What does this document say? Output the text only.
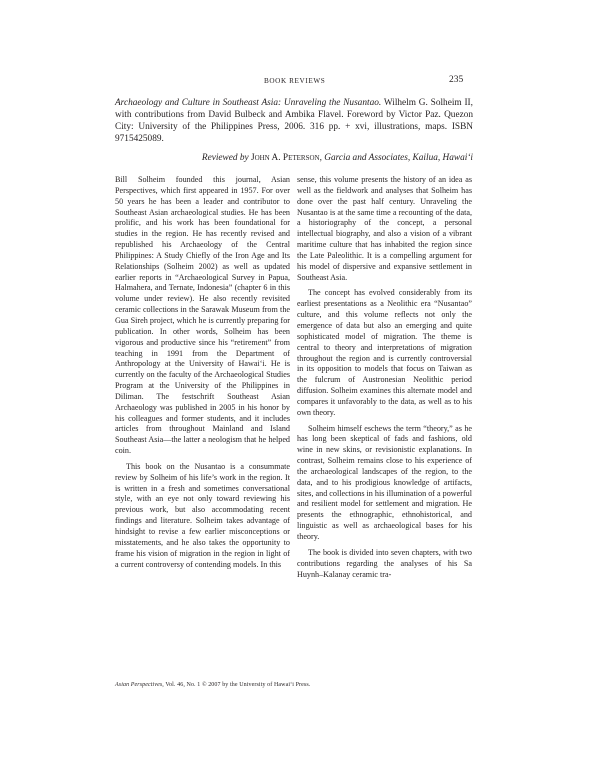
BOOK REVIEWS	235
Archaeology and Culture in Southeast Asia: Unraveling the Nusantao. Wilhelm G. Solheim II, with contributions from David Bulbeck and Ambika Flavel. Foreword by Victor Paz. Quezon City: University of the Philippines Press, 2006. 316 pp. + xvi, illustrations, maps. ISBN 9715425089.
Reviewed by John A. Peterson, Garcia and Associates, Kailua, Hawai‘i

Bill Solheim founded this journal, Asian Perspectives, which first appeared in 1957. For over 50 years he has been a leader and contributor to Southeast Asian archaeological studies. He has been prolific, and his work has been foundational for studies in the region. He has recently revised and republished his Archaeology of the Central Philippines: A Study Chiefly of the Iron Age and Its Relationships (Solheim 2002) as well as updated earlier reports in “Archaeological Survey in Papua, Halmahera, and Ternate, Indonesia” (chapter 6 in this volume under review). He also recently revisited ceramic collections in the Sarawak Museum from the Gua Sireh project, which he is currently preparing for publication. In other words, Solheim has been vigorous and productive since his “retirement” from teaching in 1991 from the Department of Anthropology at the University of Hawai‘i. He is currently on the faculty of the Archaeological Studies Program at the University of the Philippines in Diliman. The festschrift Southeast Asian Archaeology was published in 2005 in his honor by his colleagues and former students, and it includes articles from throughout Mainland and Island Southeast Asia—the latter a neologism that he helped coin.

This book on the Nusantao is a consummate review by Solheim of his life’s work in the region. It is written in a fresh and sometimes conversational style, with an eye not only toward reviewing his previous work, but also accommodating recent findings and literature. Solheim takes advantage of hindsight to revise a few earlier misconceptions or misstatements, and he also takes the opportunity to frame his vision of migration in the region in light of a current controversy of contending models. In this

sense, this volume presents the history of an idea as well as the fieldwork and analyses that Solheim has done over the past half century. Unraveling the Nusantao is at the same time a recounting of the data, a historiography of the concept, a personal intellectual biography, and also a vision of a vibrant maritime culture that has inhabited the region since the Late Paleolithic. It is a compelling argument for his model of dispersive and expansive settlement in Southeast Asia.

The concept has evolved considerably from its earliest presentations as a Neolithic era “Nusantao” culture, and this volume reflects not only the emergence of data but also an emerging and quite sophisticated model of migration. The theme is central to theory and interpretations of migration throughout the region and is currently controversial in its opposition to models that focus on Taiwan as the fulcrum of Austronesian Neolithic period diffusion. Solheim examines this alternate model and compares it unfavorably to the data, as well as to his own theory.

Solheim himself eschews the term “theory,” as he has long been skeptical of fads and fashions, old wine in new skins, or revisionistic explanations. In contrast, Solheim remains close to his experience of the archaeological landscapes of the region, to the data, and to his prodigious knowledge of artifacts, sites, and collections in his illumination of a powerful and resilient model for settlement and migration. He presents the ethnographic, ethnohistorical, and linguistic as well as archaeological bases for his theory.

The book is divided into seven chapters, with two contributions regarding the analyses of his Sa Huynh–Kalanay ceramic tra-

Asian Perspectives, Vol. 46, No. 1 © 2007 by the University of Hawai‘i Press.
